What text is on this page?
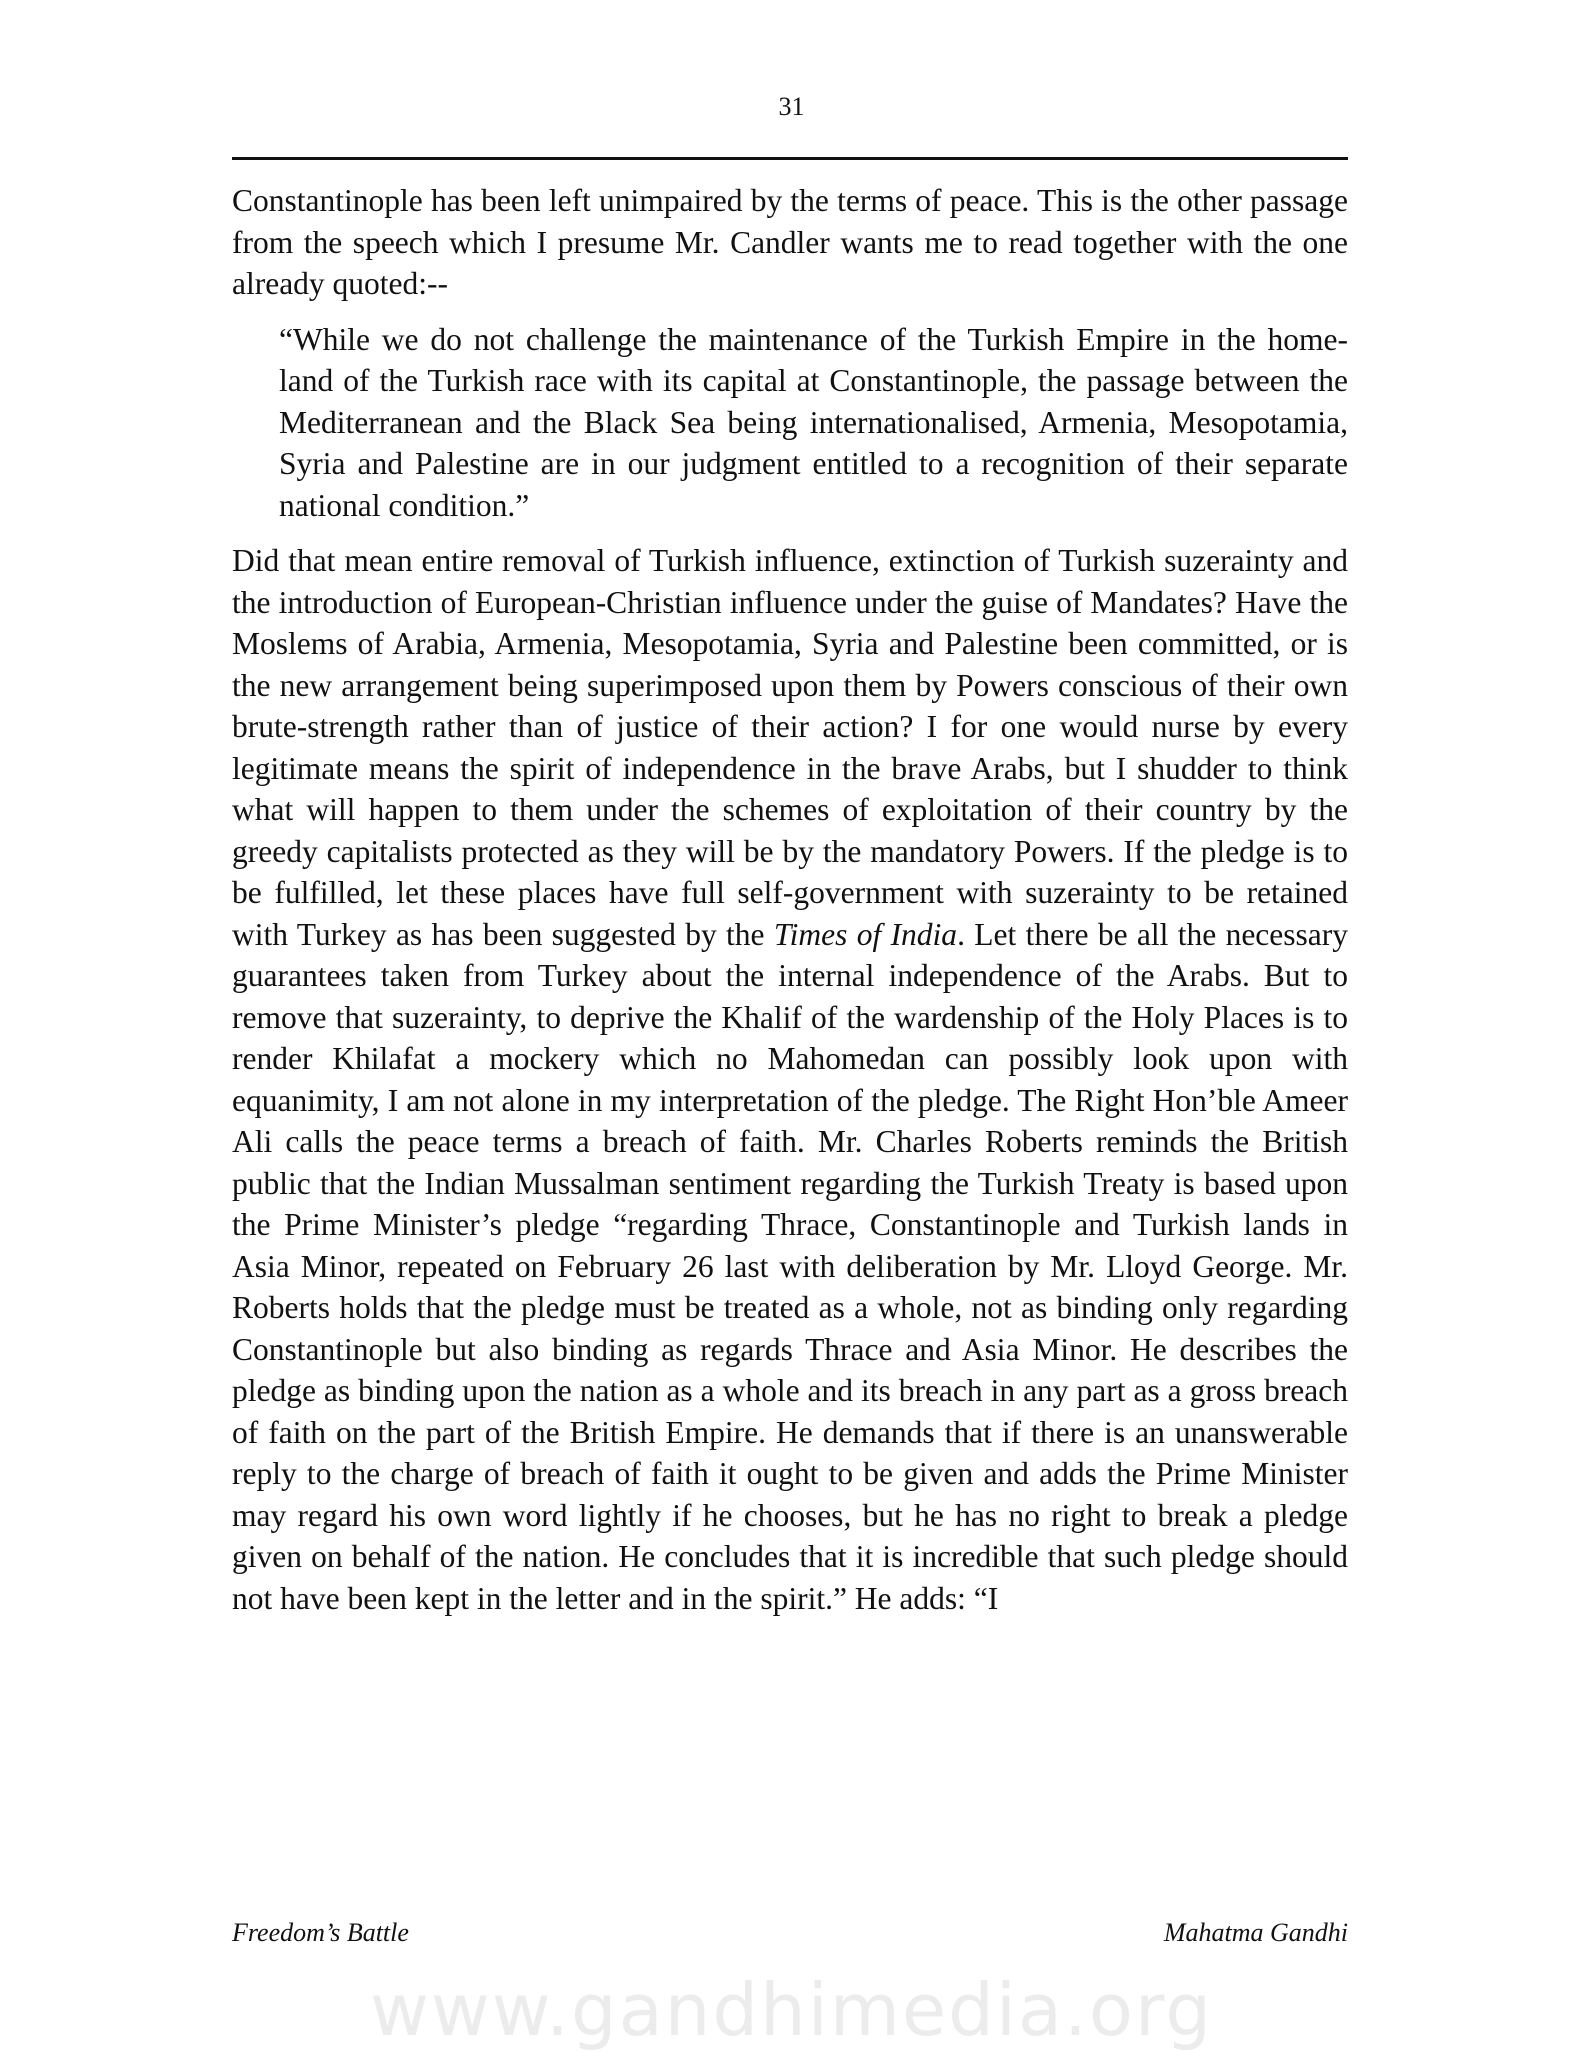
31

Constantinople has been left unimpaired by the terms of peace. This is the other passage from the speech which I presume Mr. Candler wants me to read together with the one already quoted:--

“While we do not challenge the maintenance of the Turkish Empire in the home-land of the Turkish race with its capital at Constantinople, the passage between the Mediterranean and the Black Sea being internationalised, Armenia, Mesopotamia, Syria and Palestine are in our judgment entitled to a recognition of their separate national condition.”

Did that mean entire removal of Turkish influence, extinction of Turkish suzerainty and the introduction of European-Christian influence under the guise of Mandates? Have the Moslems of Arabia, Armenia, Mesopotamia, Syria and Palestine been committed, or is the new arrangement being superimposed upon them by Powers conscious of their own brute-strength rather than of justice of their action? I for one would nurse by every legitimate means the spirit of independence in the brave Arabs, but I shudder to think what will happen to them under the schemes of exploitation of their country by the greedy capitalists protected as they will be by the mandatory Powers. If the pledge is to be fulfilled, let these places have full self-government with suzerainty to be retained with Turkey as has been suggested by the Times of India. Let there be all the necessary guarantees taken from Turkey about the internal independence of the Arabs. But to remove that suzerainty, to deprive the Khalif of the wardenship of the Holy Places is to render Khilafat a mockery which no Mahomedan can possibly look upon with equanimity, I am not alone in my interpretation of the pledge. The Right Hon’ble Ameer Ali calls the peace terms a breach of faith. Mr. Charles Roberts reminds the British public that the Indian Mussalman sentiment regarding the Turkish Treaty is based upon the Prime Minister’s pledge “regarding Thrace, Constantinople and Turkish lands in Asia Minor, repeated on February 26 last with deliberation by Mr. Lloyd George. Mr. Roberts holds that the pledge must be treated as a whole, not as binding only regarding Constantinople but also binding as regards Thrace and Asia Minor. He describes the pledge as binding upon the nation as a whole and its breach in any part as a gross breach of faith on the part of the British Empire. He demands that if there is an unanswerable reply to the charge of breach of faith it ought to be given and adds the Prime Minister may regard his own word lightly if he chooses, but he has no right to break a pledge given on behalf of the nation. He concludes that it is incredible that such pledge should not have been kept in the letter and in the spirit.” He adds: “I

Freedom’s Battle	Mahatma Gandhi
www.gandhimedia.org
